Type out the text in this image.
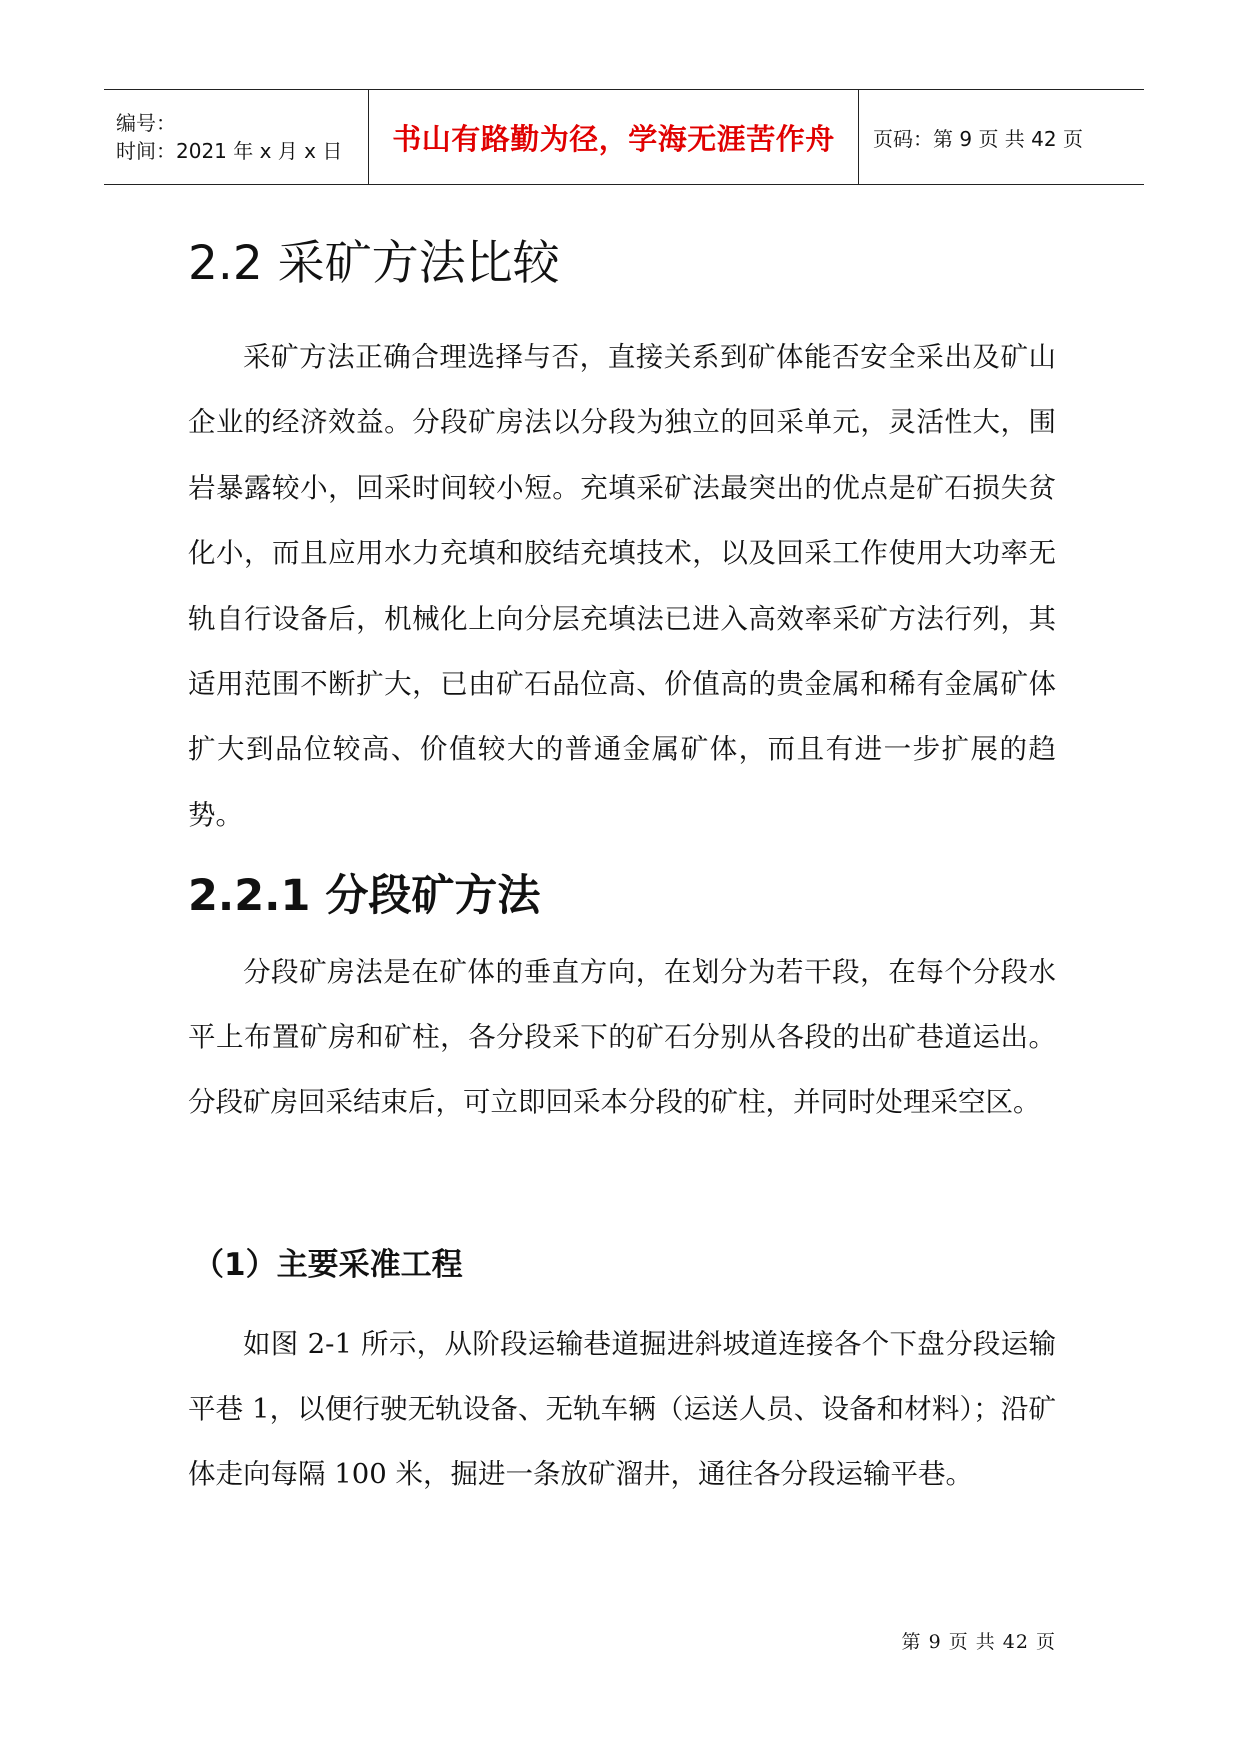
编号：
时间：2021 年 x 月 x 日	书山有路勤为径，学海无涯苦作舟	页码：第 9 页 共 42 页
2.2 采矿方法比较

采矿方法正确合理选择与否，直接关系到矿体能否安全采出及矿山企业的经济效益。分段矿房法以分段为独立的回采单元，灵活性大，围岩暴露较小，回采时间较小短。充填采矿法最突出的优点是矿石损失贫化小，而且应用水力充填和胶结充填技术，以及回采工作使用大功率无轨自行设备后，机械化上向分层充填法已进入高效率采矿方法行列，其适用范围不断扩大，已由矿石品位高、价值高的贵金属和稀有金属矿体扩大到品位较高、价值较大的普通金属矿体，而且有进一步扩展的趋势。

2.2.1 分段矿方法

分段矿房法是在矿体的垂直方向，在划分为若干段，在每个分段水平上布置矿房和矿柱，各分段采下的矿石分别从各段的出矿巷道运出。分段矿房回采结束后，可立即回采本分段的矿柱，并同时处理采空区。

（1）主要采准工程

如图 2-1 所示，从阶段运输巷道掘进斜坡道连接各个下盘分段运输平巷 1，以便行驶无轨设备、无轨车辆（运送人员、设备和材料）；沿矿体走向每隔 100 米，掘进一条放矿溜井，通往各分段运输平巷。

第 9 页 共 42 页
